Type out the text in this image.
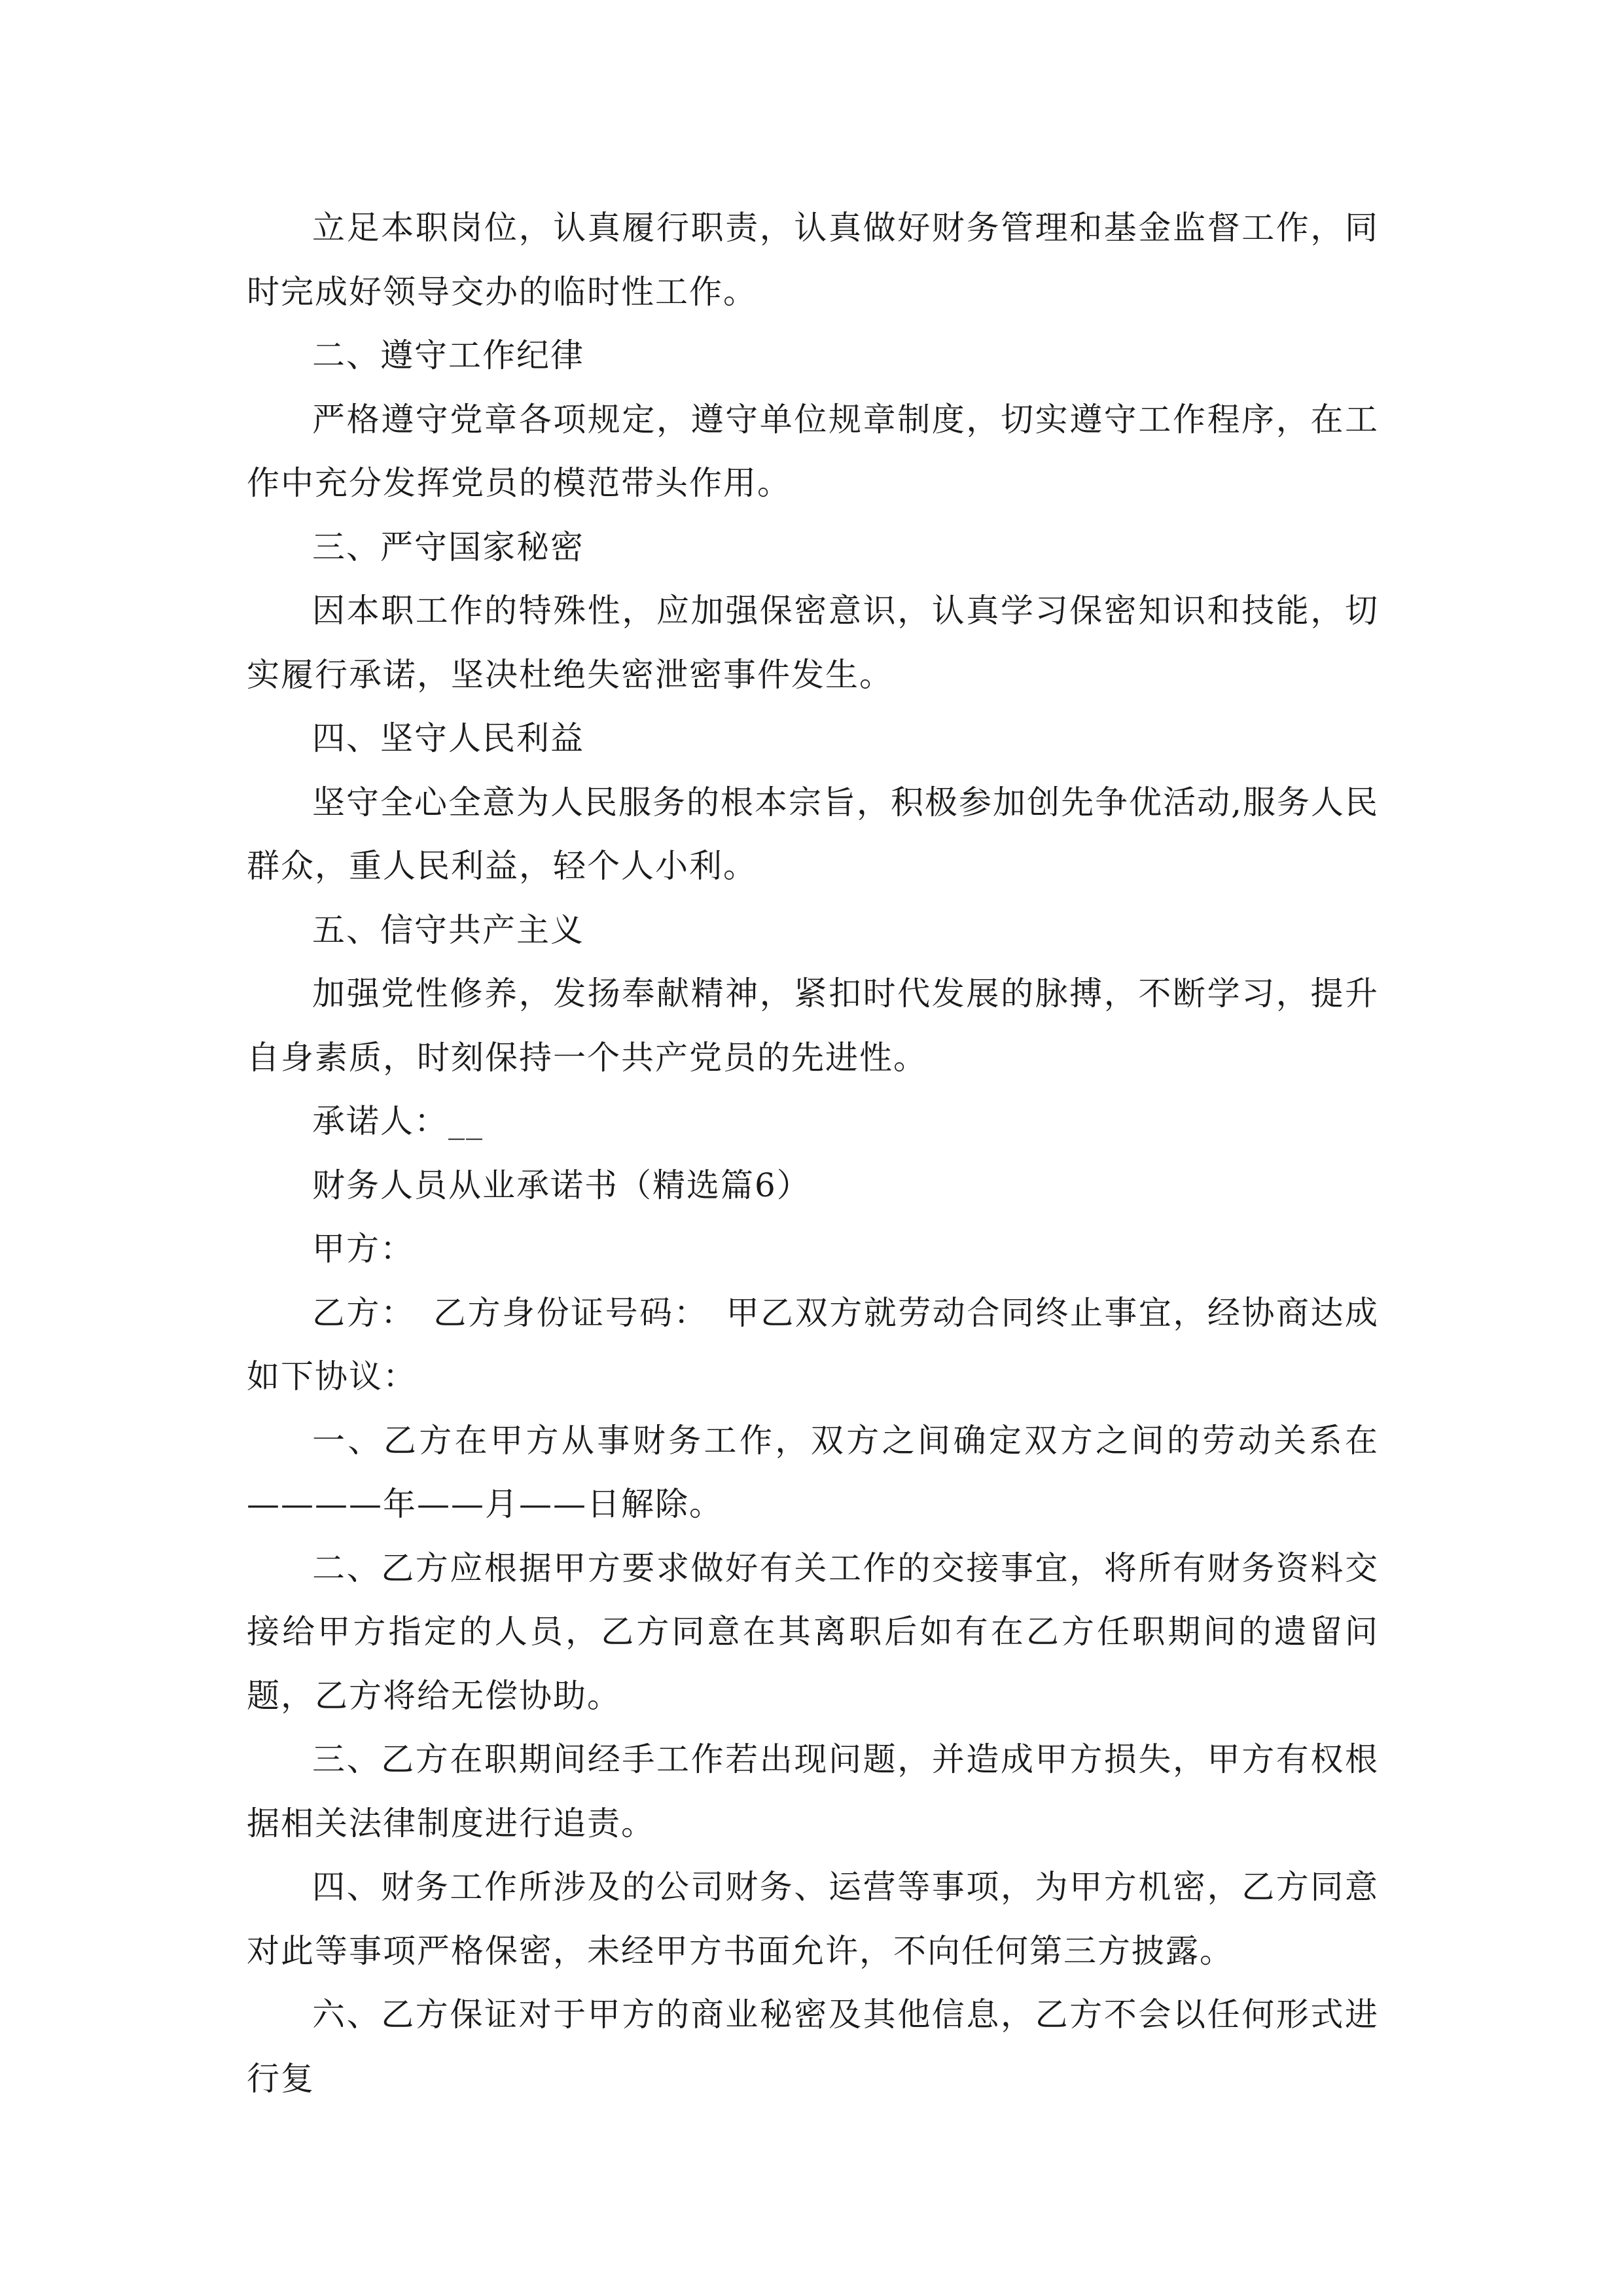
立足本职岗位，认真履行职责，认真做好财务管理和基金监督工作，同时完成好领导交办的临时性工作。

二、遵守工作纪律

严格遵守党章各项规定，遵守单位规章制度，切实遵守工作程序，在工作中充分发挥党员的模范带头作用。

三、严守国家秘密

因本职工作的特殊性，应加强保密意识，认真学习保密知识和技能，切实履行承诺，坚决杜绝失密泄密事件发生。

四、坚守人民利益

坚守全心全意为人民服务的根本宗旨，积极参加创先争优活动,服务人民群众，重人民利益，轻个人小利。

五、信守共产主义

加强党性修养，发扬奉献精神，紧扣时代发展的脉搏，不断学习，提升自身素质，时刻保持一个共产党员的先进性。

承诺人：__

财务人员从业承诺书（精选篇6）

甲方：

乙方：　乙方身份证号码：　甲乙双方就劳动合同终止事宜，经协商达成如下协议：

一、乙方在甲方从事财务工作，双方之间确定双方之间的劳动关系在————年——月——日解除。

二、乙方应根据甲方要求做好有关工作的交接事宜，将所有财务资料交接给甲方指定的人员，乙方同意在其离职后如有在乙方任职期间的遗留问题，乙方将给无偿协助。

三、乙方在职期间经手工作若出现问题，并造成甲方损失，甲方有权根据相关法律制度进行追责。

四、财务工作所涉及的公司财务、运营等事项，为甲方机密，乙方同意对此等事项严格保密，未经甲方书面允许，不向任何第三方披露。

六、乙方保证对于甲方的商业秘密及其他信息，乙方不会以任何形式进行复
